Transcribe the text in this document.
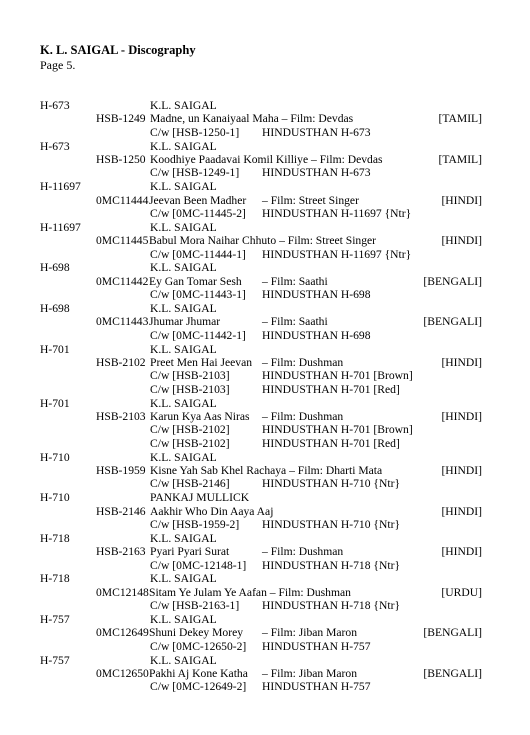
K. L. SAIGAL - Discography
Page 5.
H-673	K.L. SAIGAL
HSB-1249 Madne, un Kanaiyaal Maha – Film: Devdas	[TAMIL]
C/w [HSB-1250-1] HINDUSTHAN H-673
H-673	K.L. SAIGAL
HSB-1250 Koodhiye Paadavai Komil Killiye – Film: Devdas	[TAMIL]
C/w [HSB-1249-1] HINDUSTHAN H-673
H-11697	K.L. SAIGAL
0MC11444 Jeevan Been Madher – Film: Street Singer	[HINDI]
C/w [0MC-11445-2] HINDUSTHAN H-11697 {Ntr}
H-11697	K.L. SAIGAL
0MC11445 Babul Mora Naihar Chhuto – Film: Street Singer	[HINDI]
C/w [0MC-11444-1] HINDUSTHAN H-11697 {Ntr}
H-698	K.L. SAIGAL
0MC11442 Ey Gan Tomar Sesh – Film: Saathi	[BENGALI]
C/w [0MC-11443-1] HINDUSTHAN H-698
H-698	K.L. SAIGAL
0MC11443 Jhumar Jhumar	– Film: Saathi	[BENGALI]
C/w [0MC-11442-1] HINDUSTHAN H-698
H-701	K.L. SAIGAL
HSB-2102 Preet Men Hai Jeevan – Film: Dushman	[HINDI]
C/w [HSB-2103]	HINDUSTHAN H-701 [Brown]
C/w [HSB-2103]	HINDUSTHAN H-701 [Red]
H-701	K.L. SAIGAL
HSB-2103 Karun Kya Aas Niras – Film: Dushman	[HINDI]
C/w [HSB-2102]	HINDUSTHAN H-701 [Brown]
C/w [HSB-2102]	HINDUSTHAN H-701 [Red]
H-710	K.L. SAIGAL
HSB-1959 Kisne Yah Sab Khel Rachaya – Film: Dharti Mata	[HINDI]
C/w [HSB-2146]	HINDUSTHAN H-710 {Ntr}
H-710	PANKAJ MULLICK
HSB-2146 Aakhir Who Din Aaya Aaj	[HINDI]
C/w [HSB-1959-2] HINDUSTHAN H-710 {Ntr}
H-718	K.L. SAIGAL
HSB-2163 Pyari Pyari Surat	– Film: Dushman	[HINDI]
C/w [0MC-12148-1] HINDUSTHAN H-718 {Ntr}
H-718	K.L. SAIGAL
0MC12148 Sitam Ye Julam Ye Aafan – Film: Dushman	[URDU]
C/w [HSB-2163-1] HINDUSTHAN H-718 {Ntr}
H-757	K.L. SAIGAL
0MC12649 Shuni Dekey Morey – Film: Jiban Maron	[BENGALI]
C/w [0MC-12650-2] HINDUSTHAN H-757
H-757	K.L. SAIGAL
0MC12650 Pakhi Aj Kone Katha – Film: Jiban Maron	[BENGALI]
C/w [0MC-12649-2] HINDUSTHAN H-757
